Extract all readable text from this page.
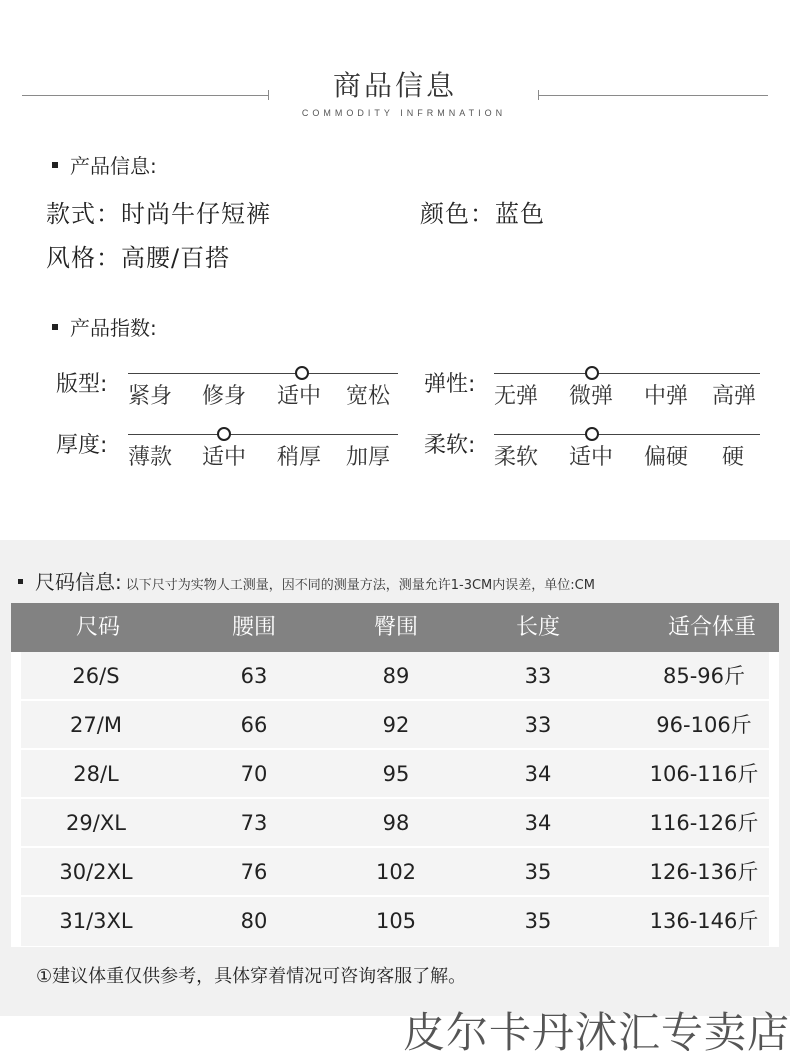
商品信息
COMMODITY INFRMNATION
产品信息:
款式：时尚牛仔短裤	颜色：蓝色
风格：高腰/百搭
产品指数:
版型: 紧身 修身 适中 宽松 弹性: 无弹 微弹 中弹 高弹
厚度: 薄款 适中 稍厚 加厚 柔软: 柔软 适中 偏硬 硬
尺码信息: 以下尺寸为实物人工测量，因不同的测量方法，测量允许1-3CM内误差，单位:CM
尺码	腰围	臀围	长度	适合体重
26/S	63	89	33	85-96斤
27/M	66	92	33	96-106斤
28/L	70	95	34	106-116斤
29/XL	73	98	34	116-126斤
30/2XL	76	102	35	126-136斤
31/3XL	80	105	35	136-146斤
①建议体重仅供参考，具体穿着情况可咨询客服了解。
皮尔卡丹沭汇专卖店
